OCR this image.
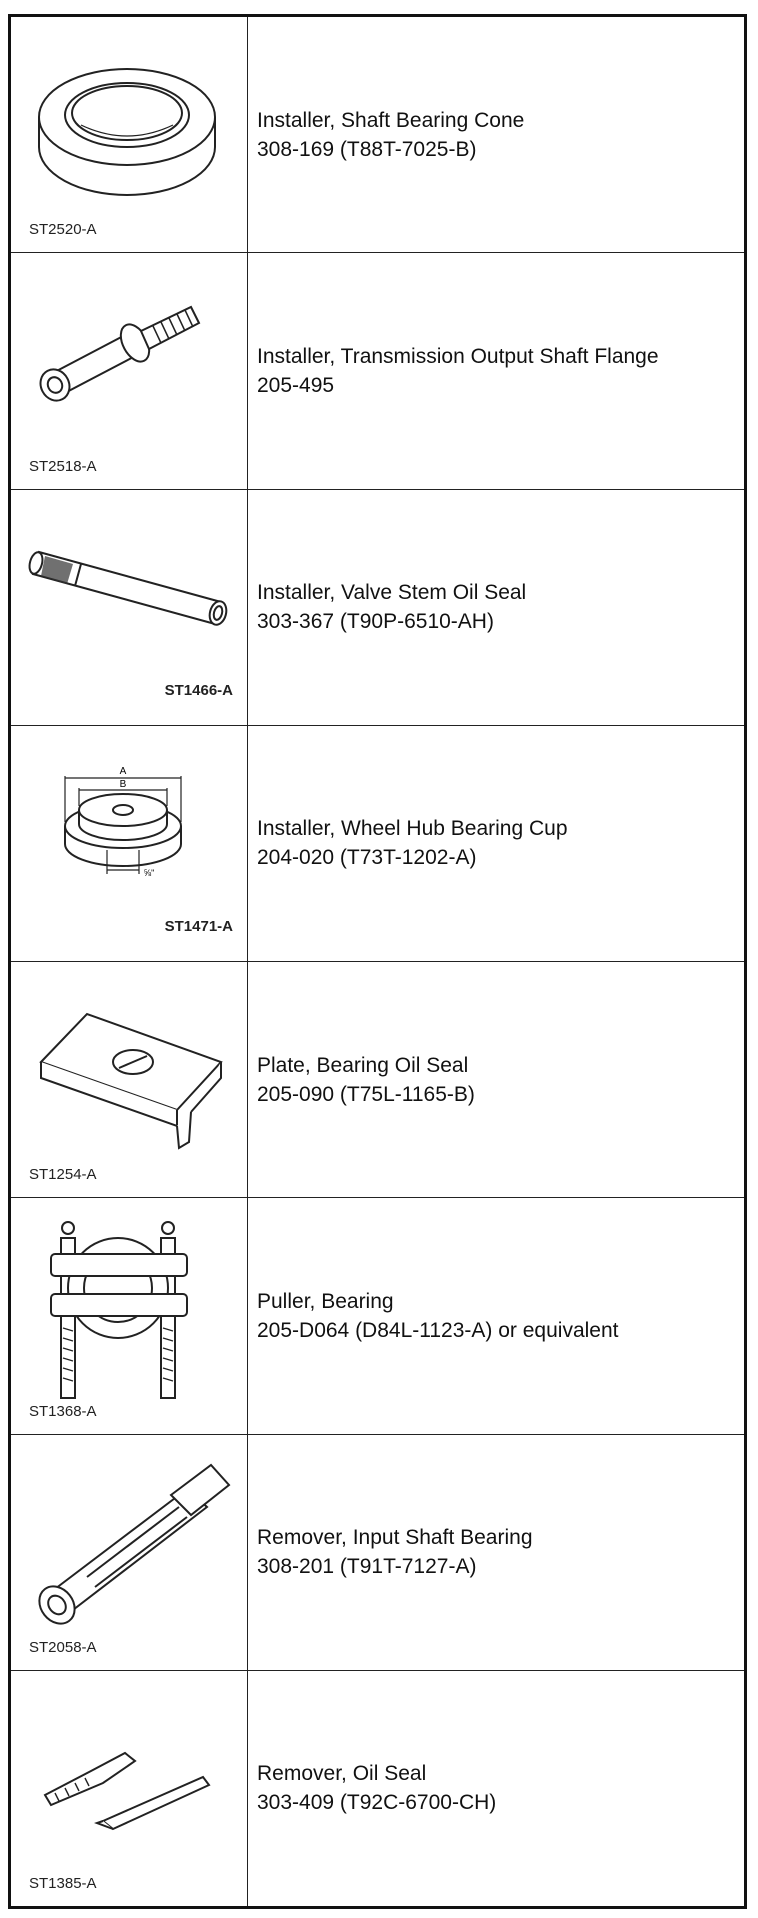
ST2520-A
Installer, Shaft Bearing Cone
308-169 (T88T-7025-B)
ST2518-A
Installer, Transmission Output Shaft Flange
205-495
ST1466-A
Installer, Valve Stem Oil Seal
303-367 (T90P-6510-AH)
A
B
⅝"
ST1471-A
Installer, Wheel Hub Bearing Cup
204-020 (T73T-1202-A)
ST1254-A
Plate, Bearing Oil Seal
205-090 (T75L-1165-B)
ST1368-A
Puller, Bearing
205-D064 (D84L-1123-A) or equivalent
ST2058-A
Remover, Input Shaft Bearing
308-201 (T91T-7127-A)
ST1385-A
Remover, Oil Seal
303-409 (T92C-6700-CH)
